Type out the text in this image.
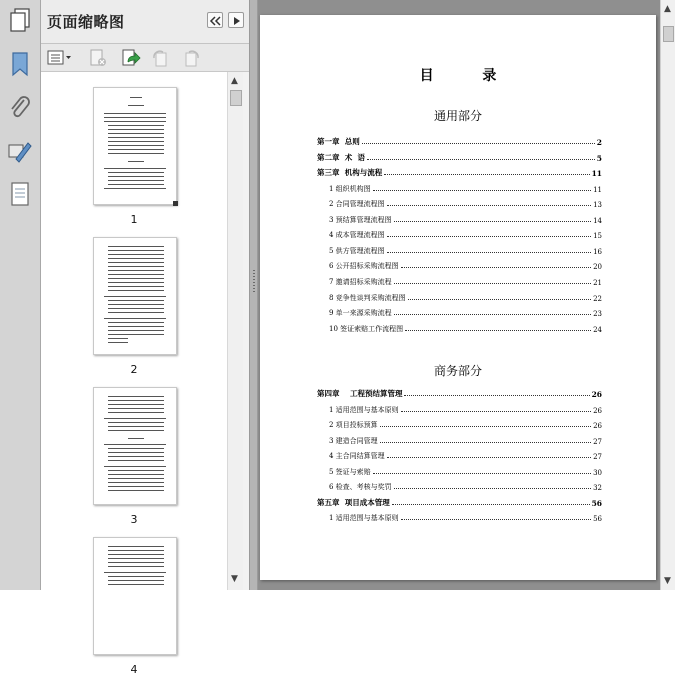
页面缩略图
1
2
3
4
▲
▼
目 录
第一章  总则	2
第二章  术  语	5
第三章  机构与流程	11
1 组织机构图	11
2 合同管理流程图	13
3 预结算管理流程图	14
4 成本管理流程图	15
5 供方管理流程图	16
6 公开招标采购流程图	20
7 邀请招标采购流程	21
8 竞争性谈判采购流程图	22
9 单一来源采购流程	23
10 签证索赔工作流程图	24
第四章    工程预结算管理	26
1 适用范围与基本原则	26
2 项目投标预算	26
3 建造合同管理	27
4 主合同结算管理	27
5 签证与索赔	30
6 检查、考核与奖罚	32
第五章  项目成本管理	56
1 适用范围与基本原则	56
通用部分
商务部分
▲
▼
